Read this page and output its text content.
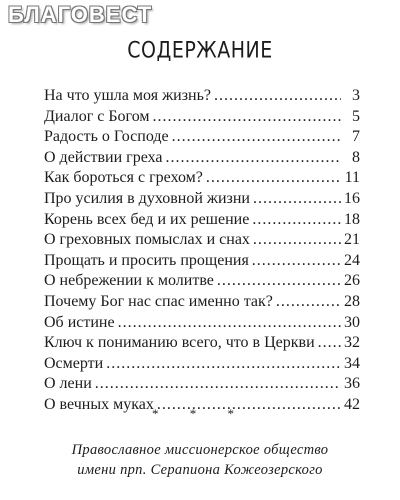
БЛАГОВЕСТ
СОДЕРЖАНИЕ
На что ушла моя жизнь? .....	3
Диалог с Богом .....	5
Радость о Господе .....	7
О действии греха .....	8
Как бороться с грехом? .....	11
Про усилия в духовной жизни .....	16
Корень всех бед и их решение .....	18
О греховных помыслах и снах .....	21
Прощать и просить прощения .....	24
О небрежении к молитве .....	26
Почему Бог нас спас именно так? .....	28
Об истине .....	30
Ключ к пониманию всего, что в Церкви ..... 32
Осмерти .....	34
О лени .....	36
О вечных муках .....	42
* * *
Православное миссионерское общество
имени прп. Серапиона Кожеозерского
